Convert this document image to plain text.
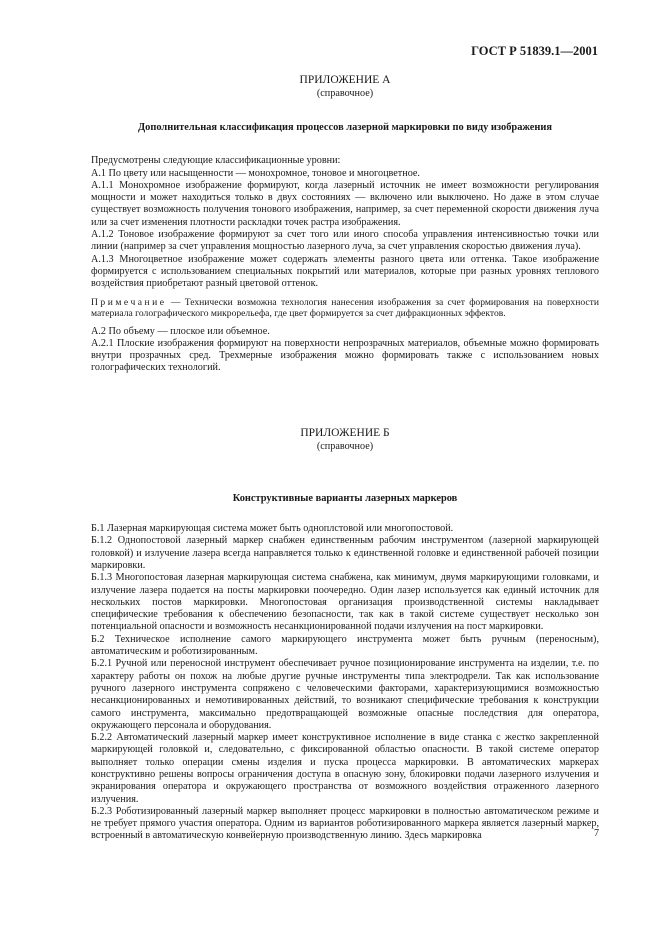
ГОСТ Р 51839.1—2001
ПРИЛОЖЕНИЕ А
(справочное)
Дополнительная классификация процессов лазерной маркировки по виду изображения

Предусмотрены следующие классификационные уровни:

А.1 По цвету или насыщенности — монохромное, тоновое и многоцветное.

А.1.1 Монохромное изображение формируют, когда лазерный источник не имеет возможности регулирования мощности и может находиться только в двух состояниях — включено или выключено. Но даже в этом случае существует возможность получения тонового изображения, например, за счет переменной скорости движения луча или за счет изменения плотности раскладки точек растра изображения.

А.1.2 Тоновое изображение формируют за счет того или иного способа управления интенсивностью точки или линии (например за счет управления мощностью лазерного луча, за счет управления скоростью движения луча).

А.1.3 Многоцветное изображение может содержать элементы разного цвета или оттенка. Такое изображение формируется с использованием специальных покрытий или материалов, которые при разных уровнях теплового воздействия приобретают разный цветовой оттенок.

Примечание — Технически возможна технология нанесения изображения за счет формирования на поверхности материала голографического микрорельефа, где цвет формируется за счет дифракционных эффектов.

А.2 По объему — плоское или объемное.

А.2.1 Плоские изображения формируют на поверхности непрозрачных материалов, объемные можно формировать внутри прозрачных сред. Трехмерные изображения можно формировать также с использованием новых голографических технологий.

ПРИЛОЖЕНИЕ Б
(справочное)
Конструктивные варианты лазерных маркеров

Б.1 Лазерная маркирующая система может быть одноплстовой или многопостовой.

Б.1.2 Однопостовой лазерный маркер снабжен единственным рабочим инструментом (лазерной маркирующей головкой) и излучение лазера всегда направляется только к единственной головке и единственной рабочей позиции маркировки.

Б.1.3 Многопостовая лазерная маркирующая система снабжена, как минимум, двумя маркирующими головками, и излучение лазера подается на посты маркировки поочередно. Один лазер используется как единый источник для нескольких постов маркировки. Многопостовая организация производственной системы накладывает специфические требования к обеспечению безопасности, так как в такой системе существует несколько зон потенциальной опасности и возможность несанкционированной подачи излучения на пост маркировки.

Б.2 Техническое исполнение самого маркирующего инструмента может быть ручным (переносным), автоматическим и роботизированным.

Б.2.1 Ручной или переносной инструмент обеспечивает ручное позиционирование инструмента на изделии, т.е. по характеру работы он похож на любые другие ручные инструменты типа электродрели. Так как использование ручного лазерного инструмента сопряжено с человеческими факторами, характеризующимися возможностью несанкционированных и немотивированных действий, то возникают специфические требования к конструкции самого инструмента, максимально предотвращающей возможные опасные последствия для оператора, окружающего персонала и оборудования.

Б.2.2 Автоматический лазерный маркер имеет конструктивное исполнение в виде станка с жестко закрепленной маркирующей головкой и, следовательно, с фиксированной областью опасности. В такой системе оператор выполняет только операции смены изделия и пуска процесса маркировки. В автоматических маркерах конструктивно решены вопросы ограничения доступа в опасную зону, блокировки подачи лазерного излучения и экранирования оператора и окружающего пространства от возможного воздействия отраженного лазерного излучения.

Б.2.3 Роботизированный лазерный маркер выполняет процесс маркировки в полностью автоматическом режиме и не требует прямого участия оператора. Одним из вариантов роботизированного маркера является лазерный маркер, встроенный в автоматическую конвейерную производственную линию. Здесь маркировка	7
